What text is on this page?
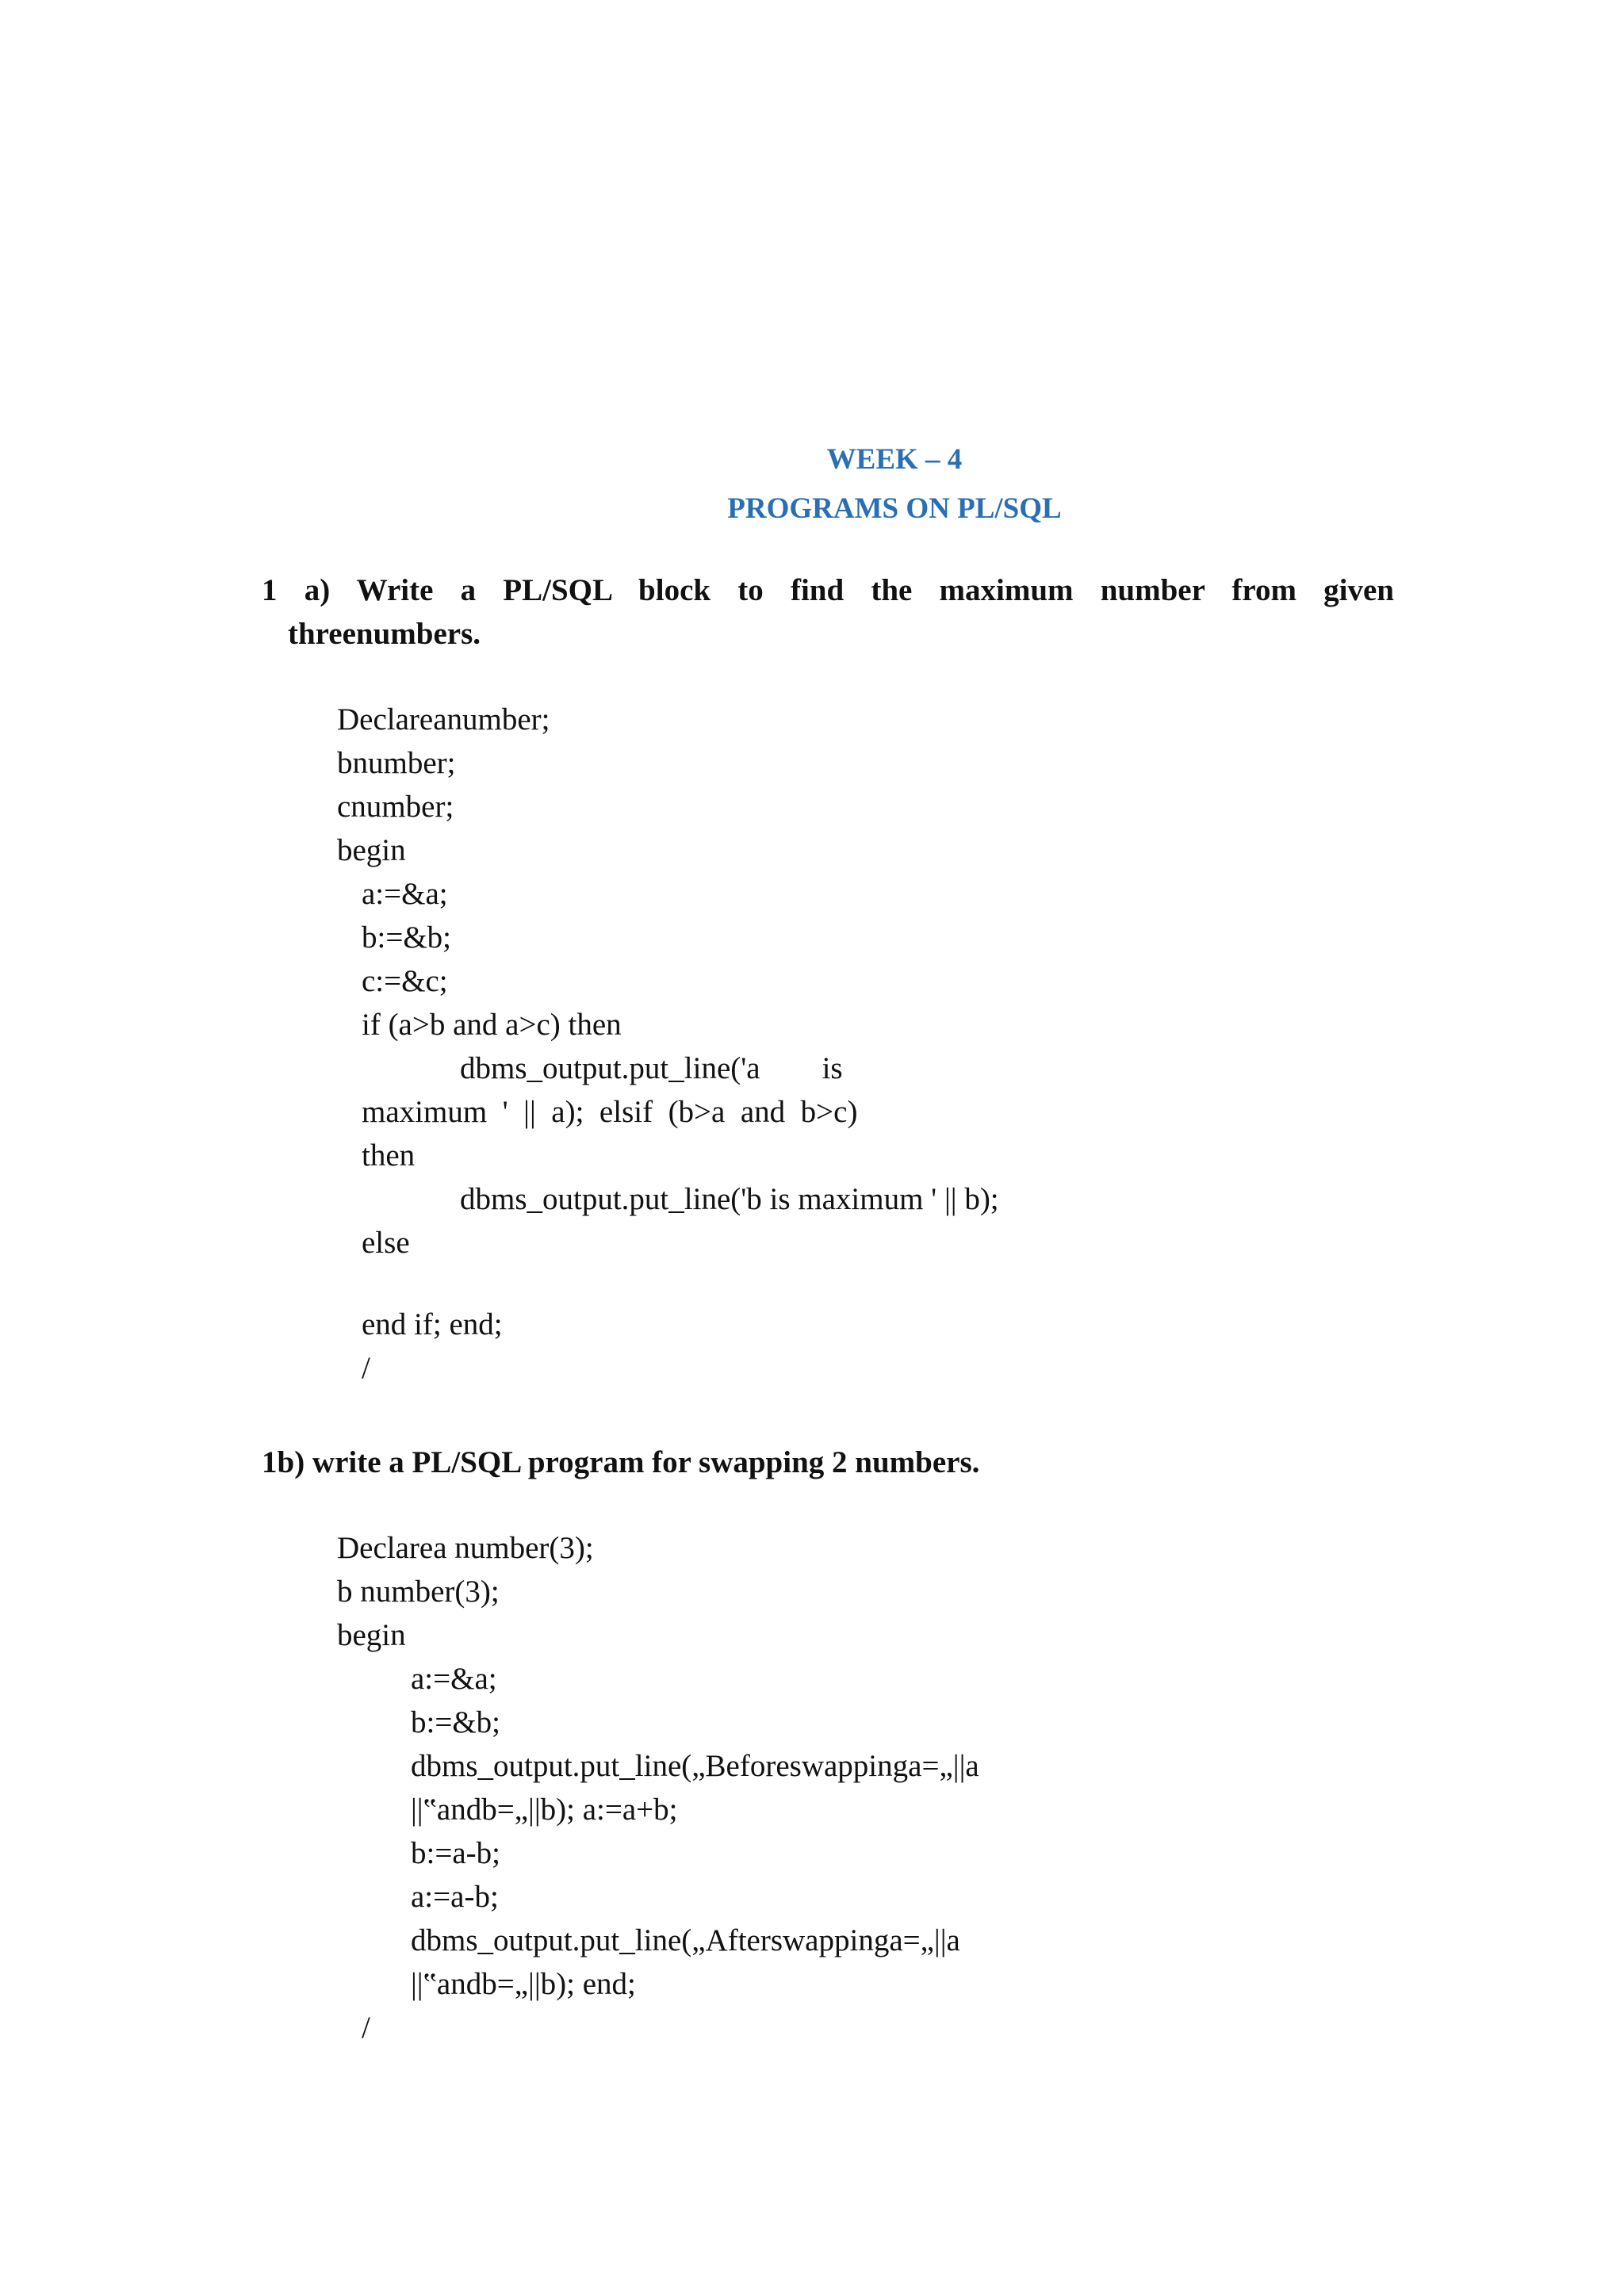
WEEK – 4
PROGRAMS ON PL/SQL
1 a) Write a PL/SQL block to find the maximum number from given
threenumbers.

Declareanumber;

bnumber;

cnumber;

begin

a:=&a;

b:=&b;

c:=&c;

if (a>b and a>c) then

dbms_output.put_line('a        is

maximum  '  ||  a);  elsif  (b>a  and  b>c)

then

dbms_output.put_line('b is maximum ' || b);

else

end if; end;

/

1b) write a PL/SQL program for swapping 2 numbers.

Declarea number(3);

b number(3);

begin

a:=&a;

b:=&b;

dbms_output.put_line(„Beforeswappinga=„||a

||‟andb=„||b); a:=a+b;

b:=a-b;

a:=a-b;

dbms_output.put_line(„Afterswappinga=„||a

||‟andb=„||b); end;

/
